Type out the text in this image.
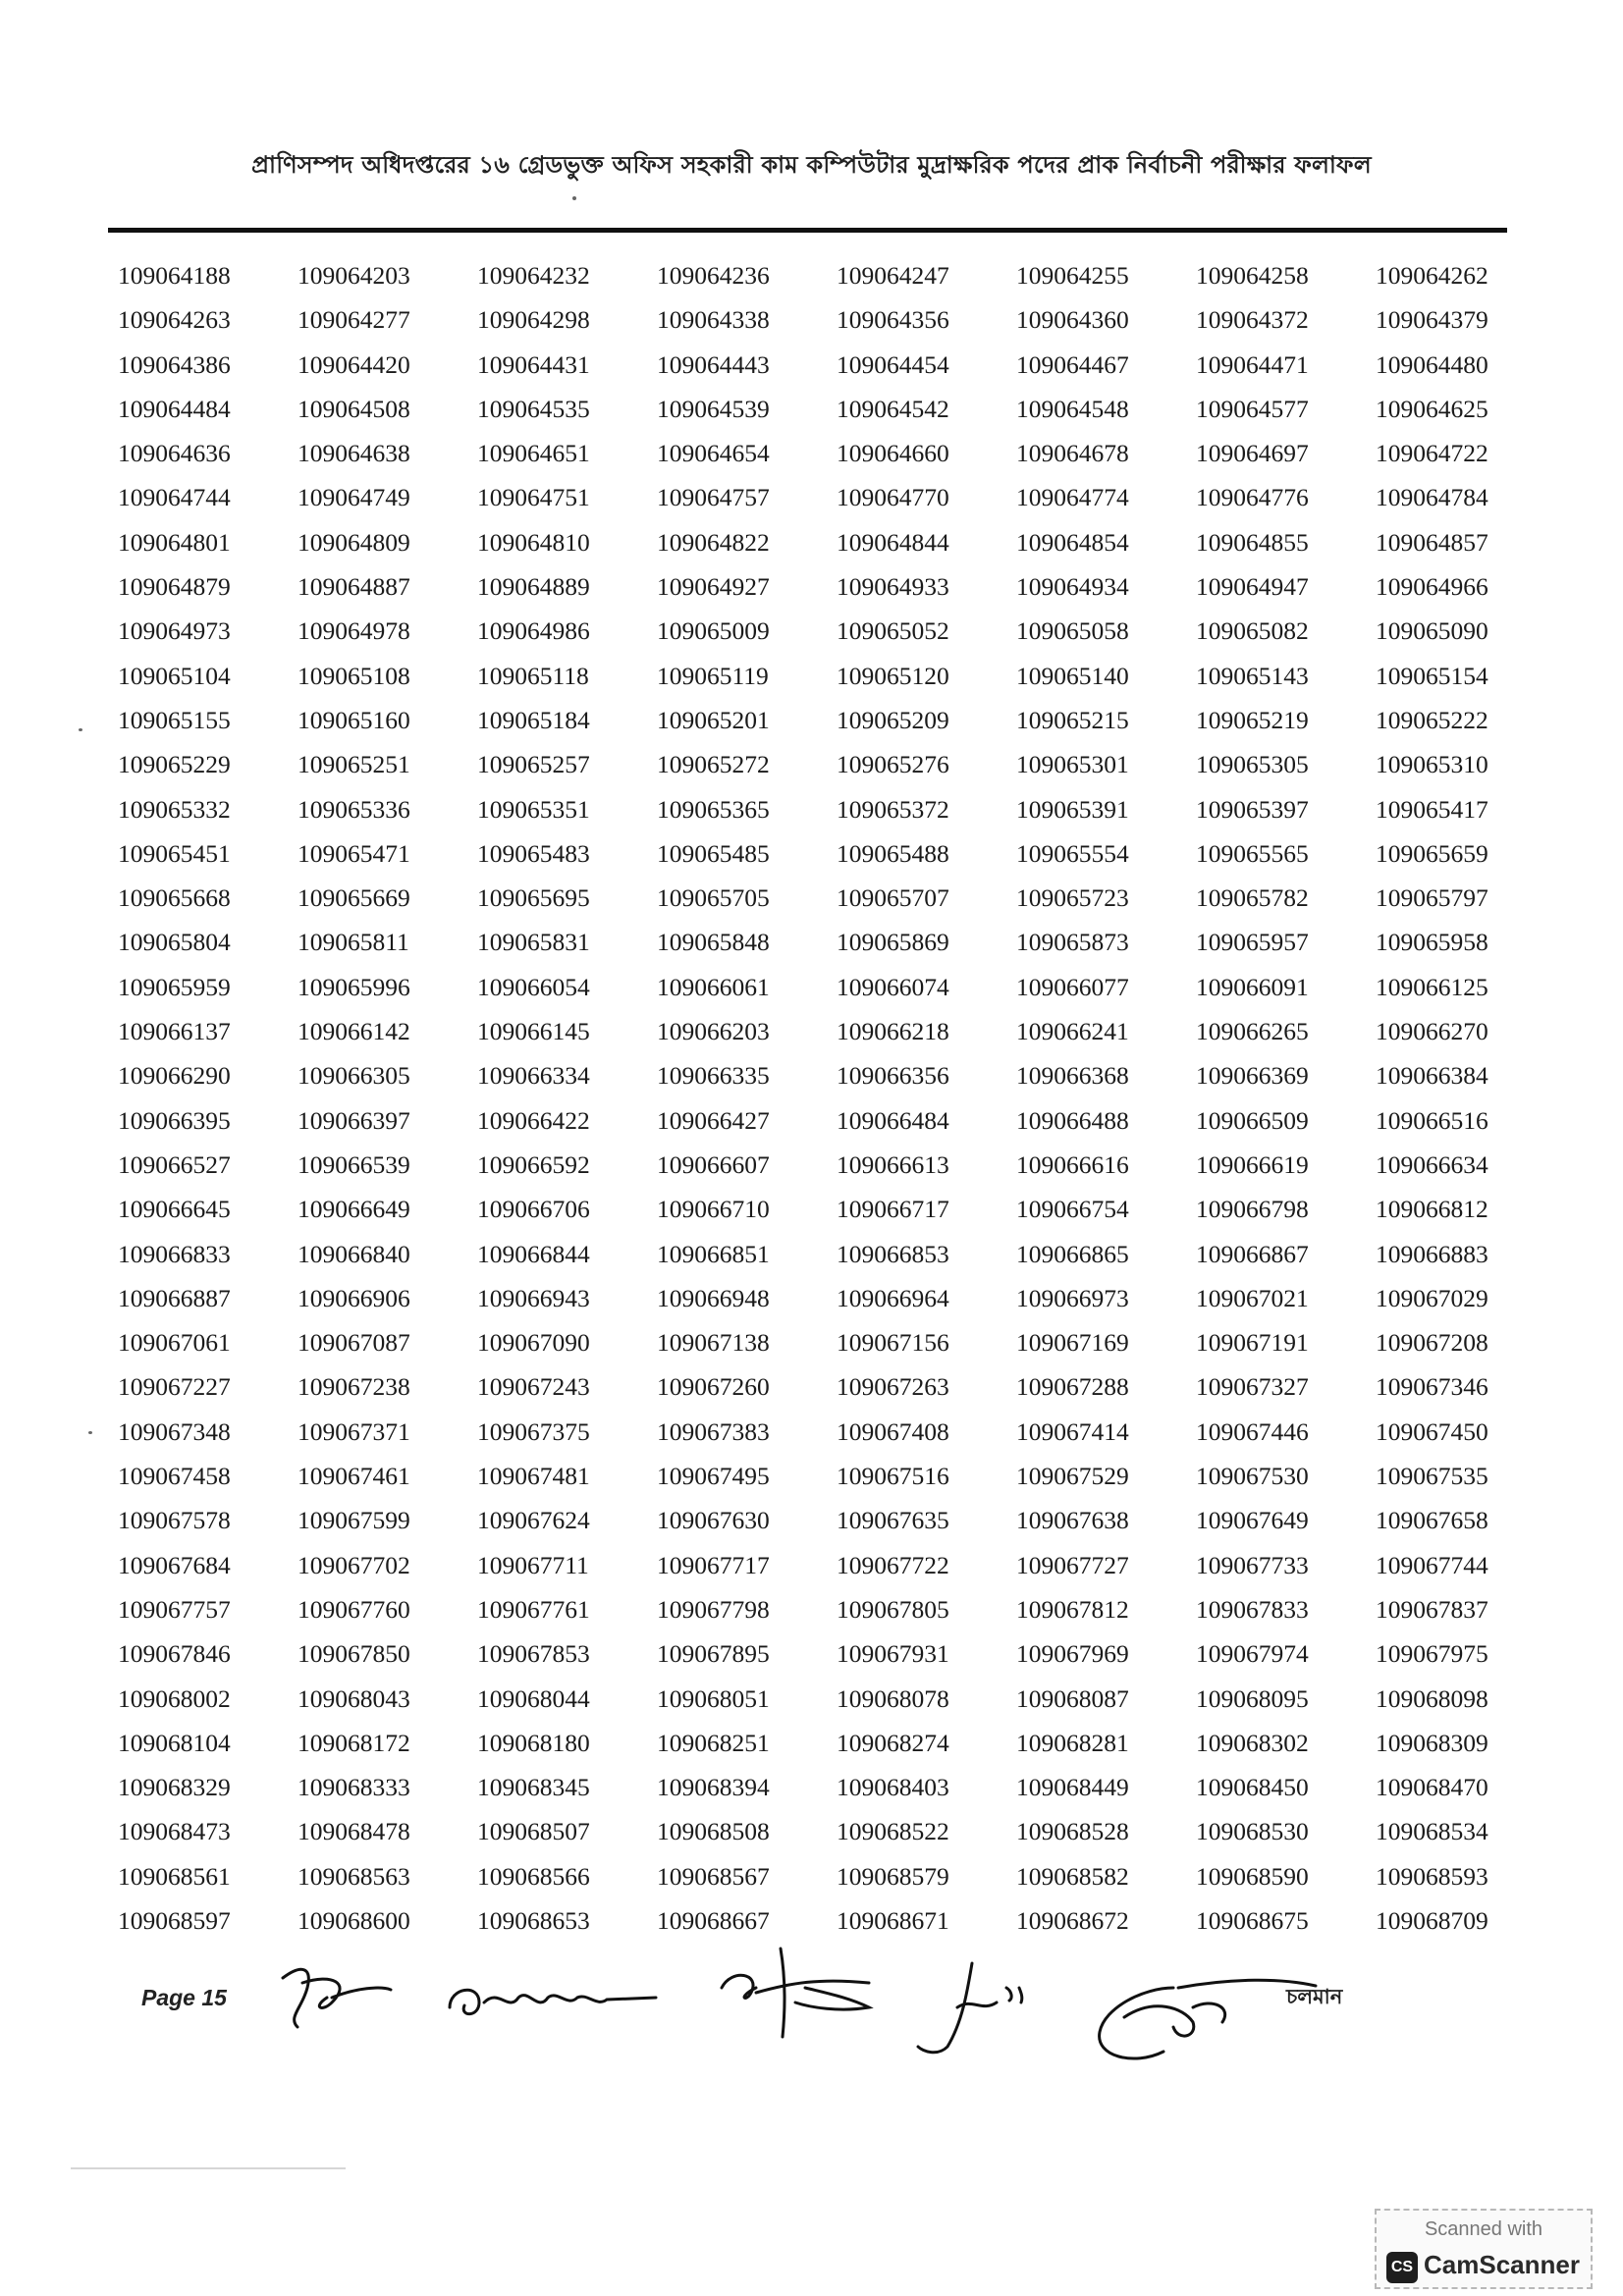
প্রাণিসম্পদ অধিদপ্তরের ১৬ গ্রেডভুক্ত অফিস সহকারী কাম কম্পিউটার মুদ্রাক্ষরিক পদের প্রাক নির্বাচনী পরীক্ষার ফলাফল
109064188	109064203	109064232	109064236	109064247	109064255	109064258	109064262
109064263	109064277	109064298	109064338	109064356	109064360	109064372	109064379
109064386	109064420	109064431	109064443	109064454	109064467	109064471	109064480
109064484	109064508	109064535	109064539	109064542	109064548	109064577	109064625
109064636	109064638	109064651	109064654	109064660	109064678	109064697	109064722
109064744	109064749	109064751	109064757	109064770	109064774	109064776	109064784
109064801	109064809	109064810	109064822	109064844	109064854	109064855	109064857
109064879	109064887	109064889	109064927	109064933	109064934	109064947	109064966
109064973	109064978	109064986	109065009	109065052	109065058	109065082	109065090
109065104	109065108	109065118	109065119	109065120	109065140	109065143	109065154
109065155	109065160	109065184	109065201	109065209	109065215	109065219	109065222
109065229	109065251	109065257	109065272	109065276	109065301	109065305	109065310
109065332	109065336	109065351	109065365	109065372	109065391	109065397	109065417
109065451	109065471	109065483	109065485	109065488	109065554	109065565	109065659
109065668	109065669	109065695	109065705	109065707	109065723	109065782	109065797
109065804	109065811	109065831	109065848	109065869	109065873	109065957	109065958
109065959	109065996	109066054	109066061	109066074	109066077	109066091	109066125
109066137	109066142	109066145	109066203	109066218	109066241	109066265	109066270
109066290	109066305	109066334	109066335	109066356	109066368	109066369	109066384
109066395	109066397	109066422	109066427	109066484	109066488	109066509	109066516
109066527	109066539	109066592	109066607	109066613	109066616	109066619	109066634
109066645	109066649	109066706	109066710	109066717	109066754	109066798	109066812
109066833	109066840	109066844	109066851	109066853	109066865	109066867	109066883
109066887	109066906	109066943	109066948	109066964	109066973	109067021	109067029
109067061	109067087	109067090	109067138	109067156	109067169	109067191	109067208
109067227	109067238	109067243	109067260	109067263	109067288	109067327	109067346
109067348	109067371	109067375	109067383	109067408	109067414	109067446	109067450
109067458	109067461	109067481	109067495	109067516	109067529	109067530	109067535
109067578	109067599	109067624	109067630	109067635	109067638	109067649	109067658
109067684	109067702	109067711	109067717	109067722	109067727	109067733	109067744
109067757	109067760	109067761	109067798	109067805	109067812	109067833	109067837
109067846	109067850	109067853	109067895	109067931	109067969	109067974	109067975
109068002	109068043	109068044	109068051	109068078	109068087	109068095	109068098
109068104	109068172	109068180	109068251	109068274	109068281	109068302	109068309
109068329	109068333	109068345	109068394	109068403	109068449	109068450	109068470
109068473	109068478	109068507	109068508	109068522	109068528	109068530	109068534
109068561	109068563	109068566	109068567	109068579	109068582	109068590	109068593
109068597	109068600	109068653	109068667	109068671	109068672	109068675	109068709
Page 15	চলমান
Scanned with
CS CamScanner
